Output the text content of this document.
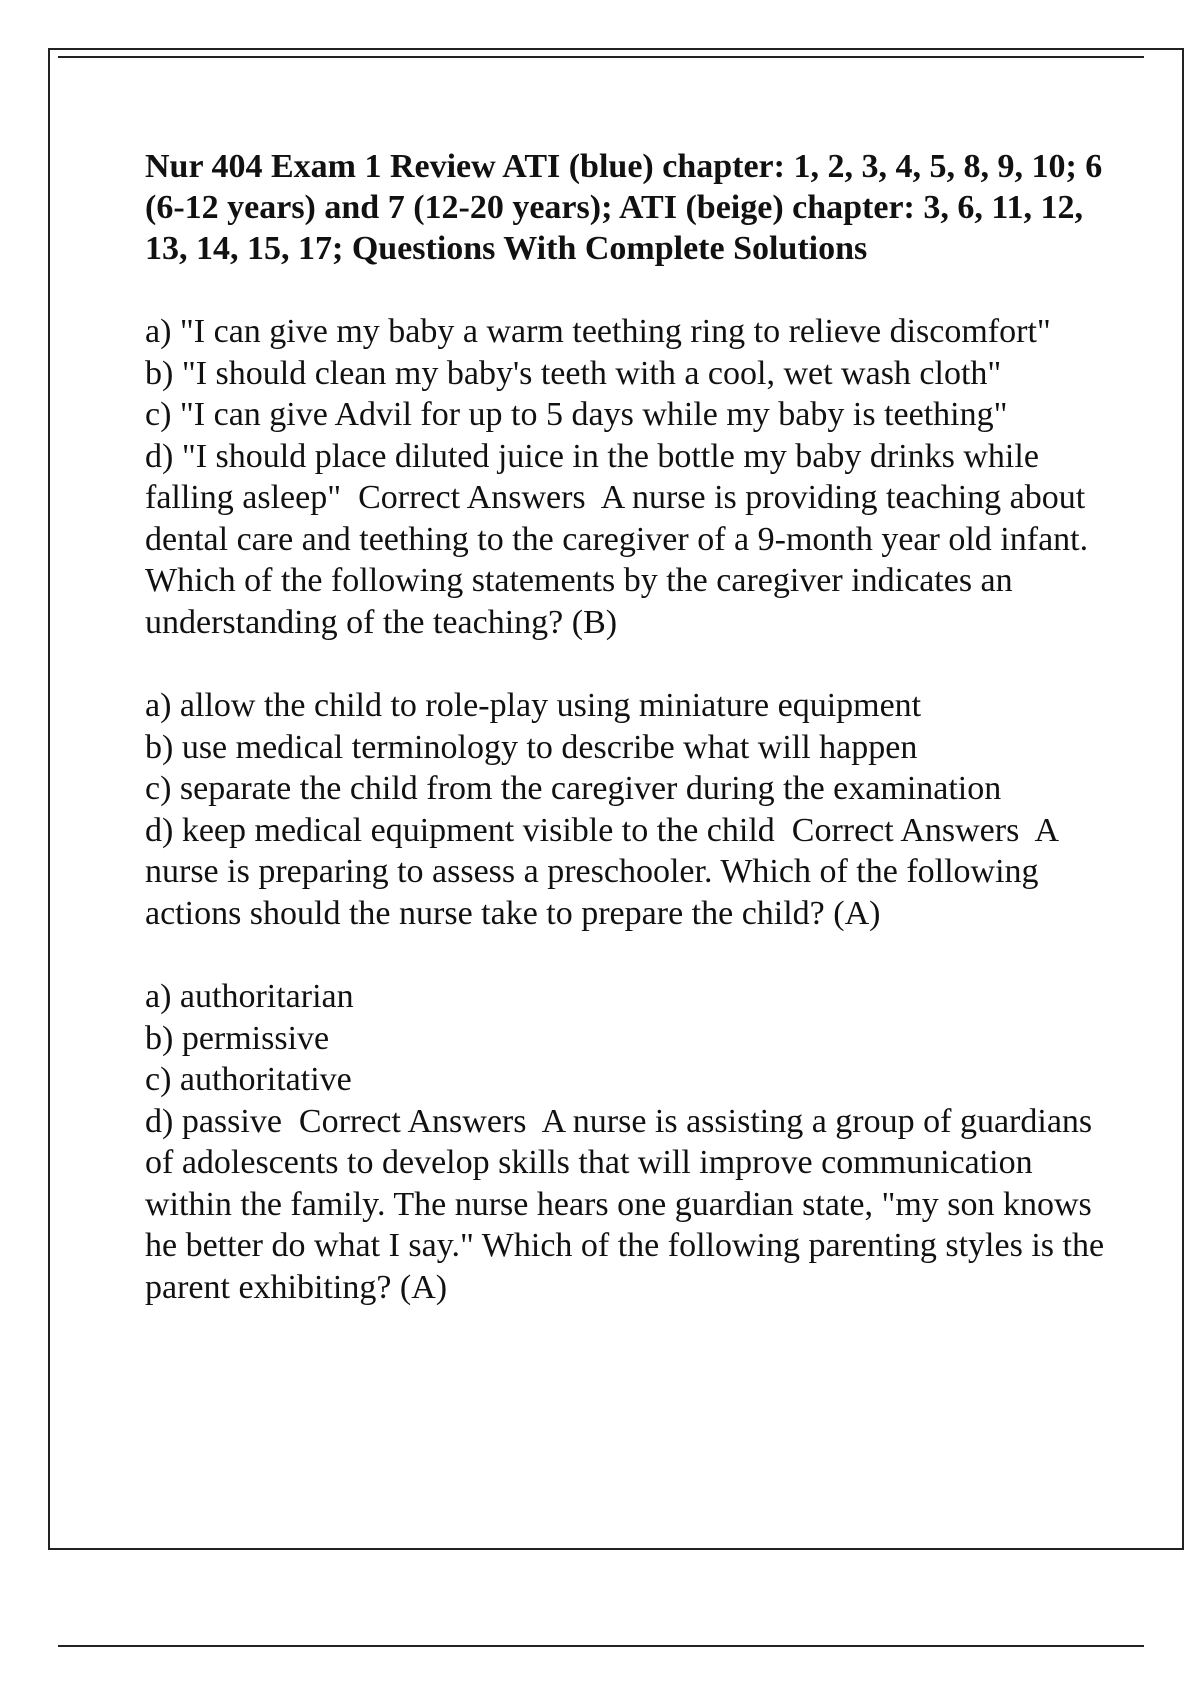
Nur 404 Exam 1 Review ATI (blue) chapter: 1, 2, 3, 4, 5, 8, 9, 10; 6 (6-12 years) and 7 (12-20 years); ATI (beige) chapter: 3, 6, 11, 12, 13, 14, 15, 17; Questions With Complete Solutions
a) "I can give my baby a warm teething ring to relieve discomfort"
b) "I should clean my baby's teeth with a cool, wet wash cloth"
c) "I can give Advil for up to 5 days while my baby is teething"
d) "I should place diluted juice in the bottle my baby drinks while falling asleep"  Correct Answers  A nurse is providing teaching about dental care and teething to the caregiver of a 9-month year old infant. Which of the following statements by the caregiver indicates an understanding of the teaching? (B)
a) allow the child to role-play using miniature equipment
b) use medical terminology to describe what will happen
c) separate the child from the caregiver during the examination
d) keep medical equipment visible to the child  Correct Answers  A nurse is preparing to assess a preschooler. Which of the following actions should the nurse take to prepare the child? (A)
a) authoritarian
b) permissive
c) authoritative
d) passive  Correct Answers  A nurse is assisting a group of guardians of adolescents to develop skills that will improve communication within the family. The nurse hears one guardian state, "my son knows he better do what I say." Which of the following parenting styles is the parent exhibiting? (A)
